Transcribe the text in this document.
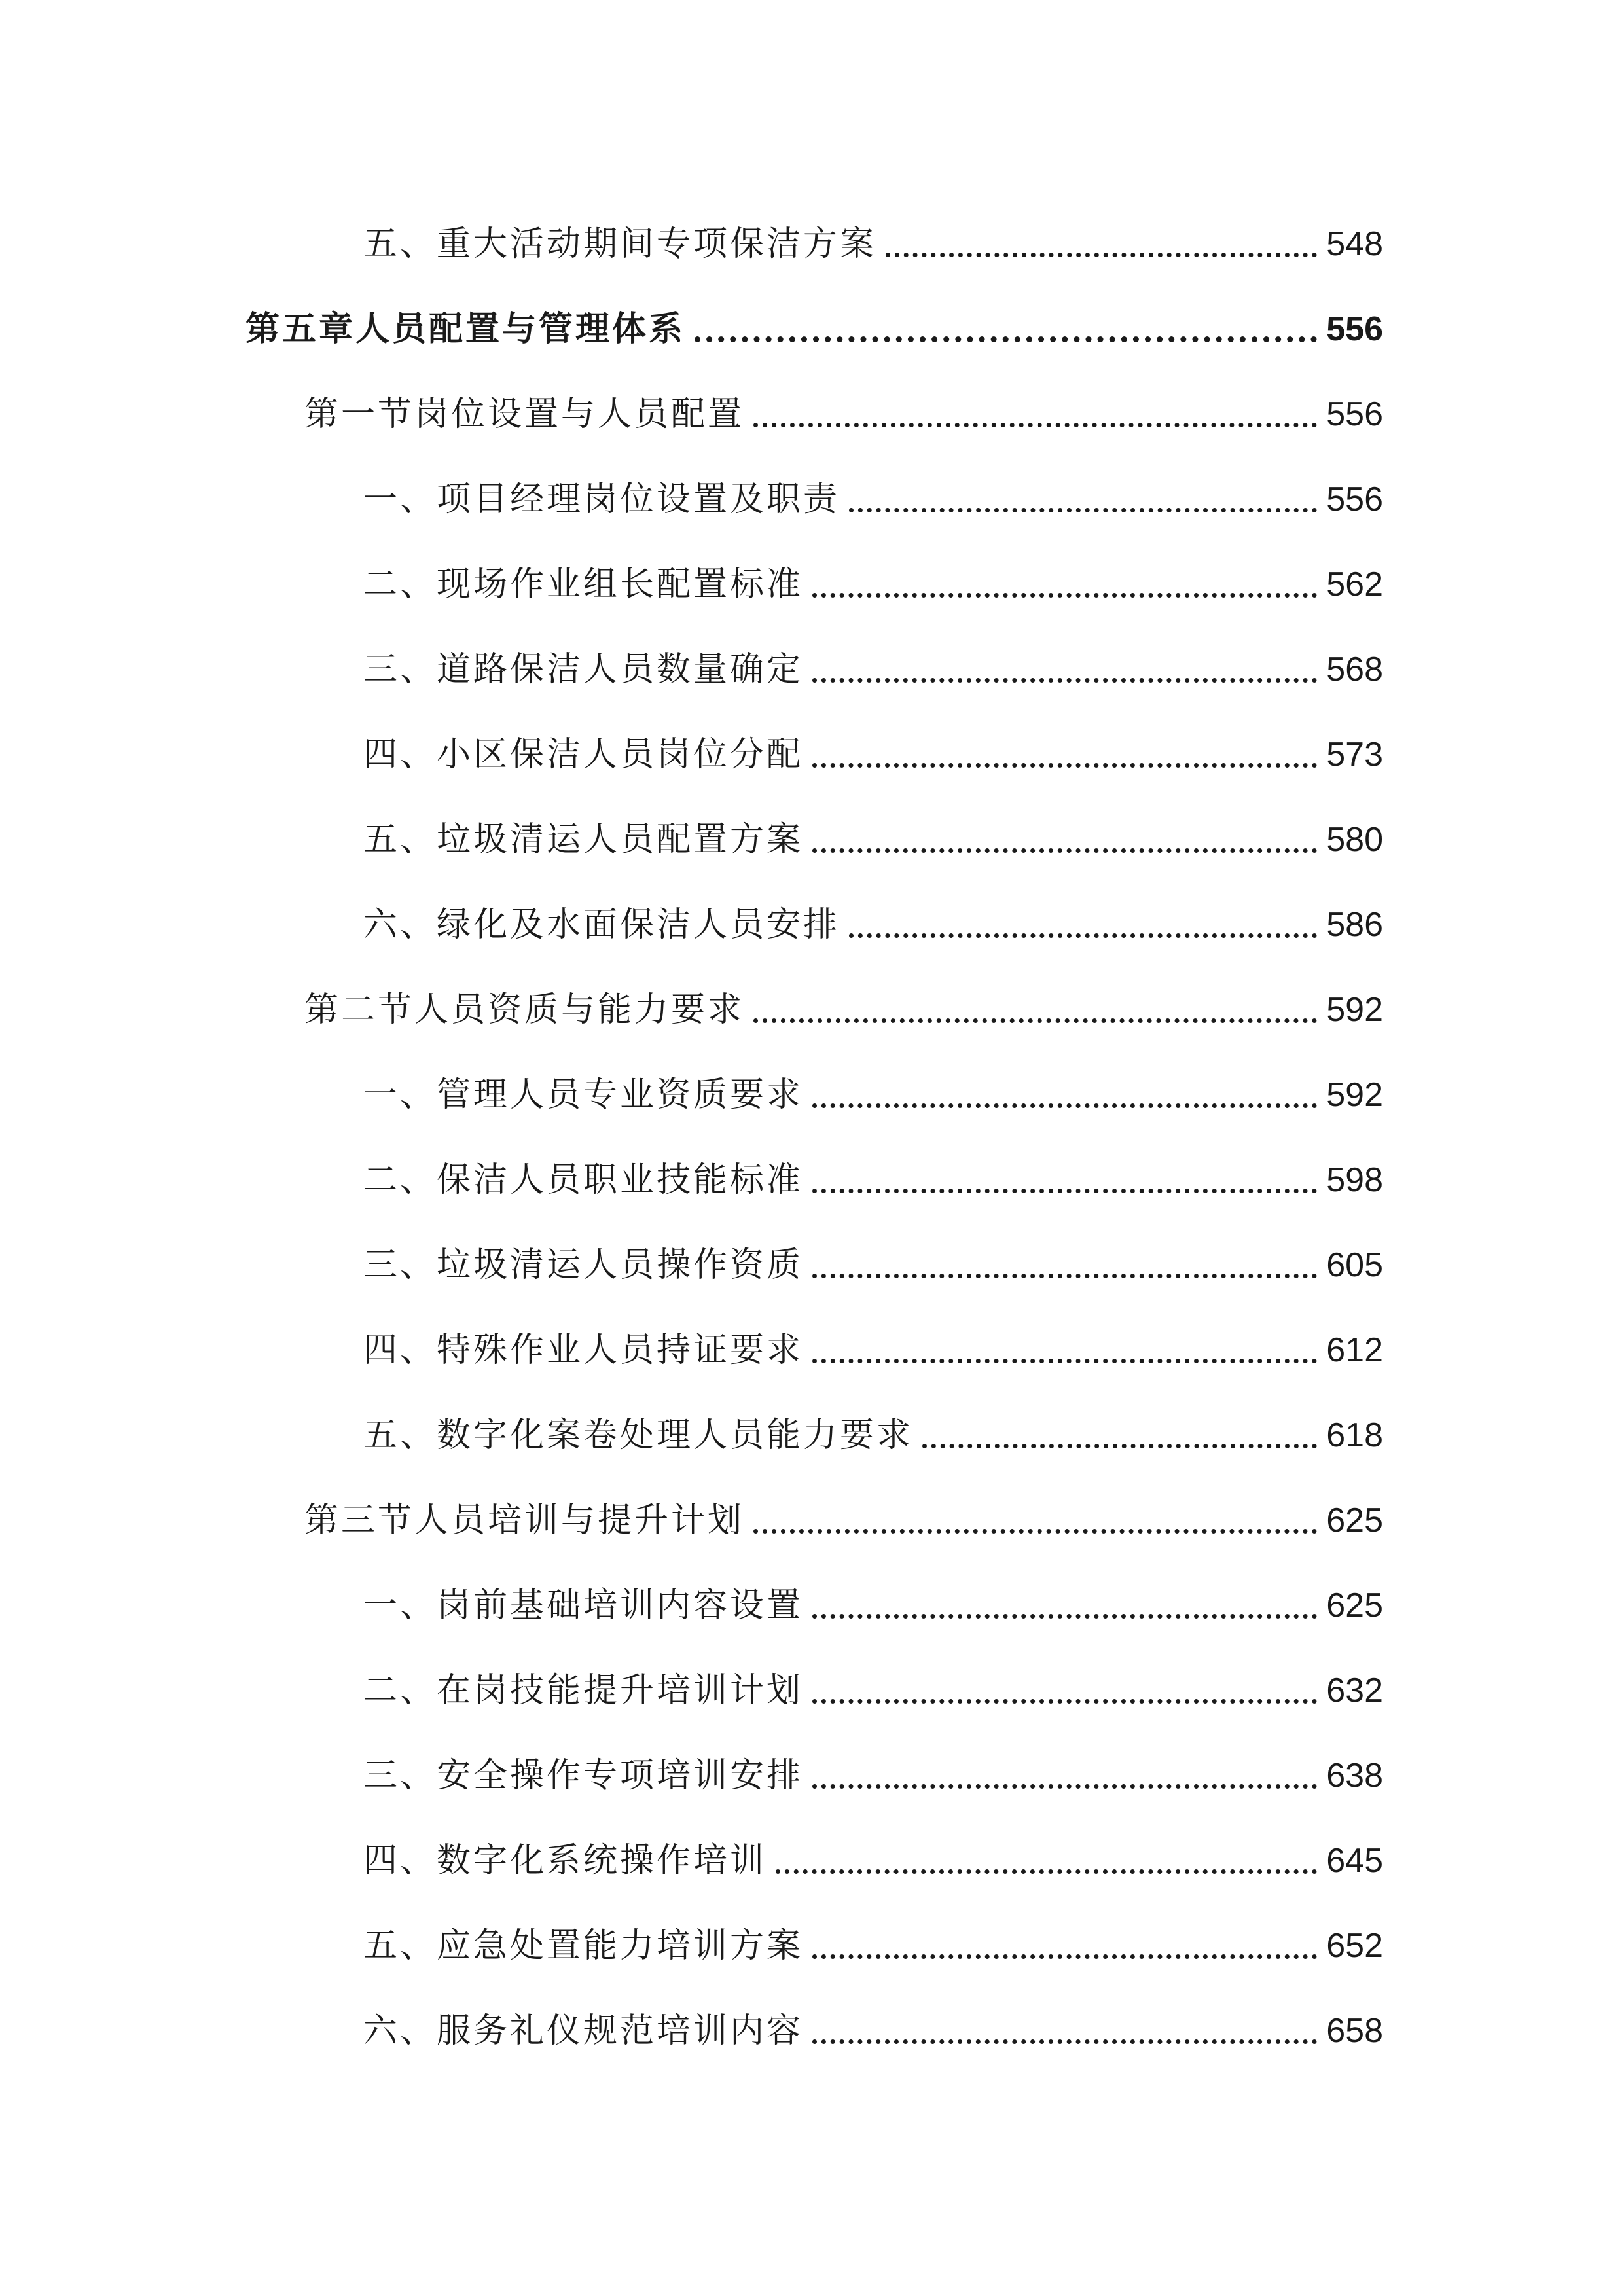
五、重大活动期间专项保洁方案	548
第五章人员配置与管理体系	556
第一节岗位设置与人员配置	556
一、项目经理岗位设置及职责	556
二、现场作业组长配置标准	562
三、道路保洁人员数量确定	568
四、小区保洁人员岗位分配	573
五、垃圾清运人员配置方案	580
六、绿化及水面保洁人员安排	586
第二节人员资质与能力要求	592
一、管理人员专业资质要求	592
二、保洁人员职业技能标准	598
三、垃圾清运人员操作资质	605
四、特殊作业人员持证要求	612
五、数字化案卷处理人员能力要求	618
第三节人员培训与提升计划	625
一、岗前基础培训内容设置	625
二、在岗技能提升培训计划	632
三、安全操作专项培训安排	638
四、数字化系统操作培训	645
五、应急处置能力培训方案	652
六、服务礼仪规范培训内容	658
